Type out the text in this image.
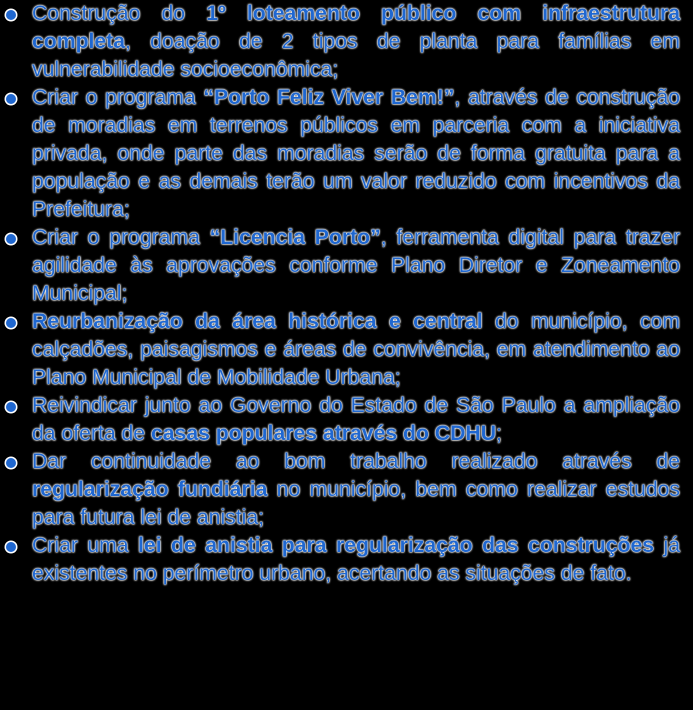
Construção do 1º loteamento público com infraestrutura completa, doação de 2 tipos de planta para famílias em vulnerabilidade socioeconômica;
Criar o programa “Porto Feliz Viver Bem!”, através de construção de moradias em terrenos públicos em parceria com a iniciativa privada, onde parte das moradias serão de forma gratuita para a população e as demais terão um valor reduzido com incentivos da Prefeitura;
Criar o programa “Licencia Porto”, ferramenta digital para trazer agilidade às aprovações conforme Plano Diretor e Zoneamento Municipal;
Reurbanização da área histórica e central do município, com calçadões, paisagismos e áreas de convivência, em atendimento ao Plano Municipal de Mobilidade Urbana;
Reivindicar junto ao Governo do Estado de São Paulo a ampliação da oferta de casas populares através do CDHU;
Dar continuidade ao bom trabalho realizado através de regularização fundiária no município, bem como realizar estudos para futura lei de anistia;
Criar uma lei de anistia para regularização das construções já existentes no perímetro urbano, acertando as situações de fato.
